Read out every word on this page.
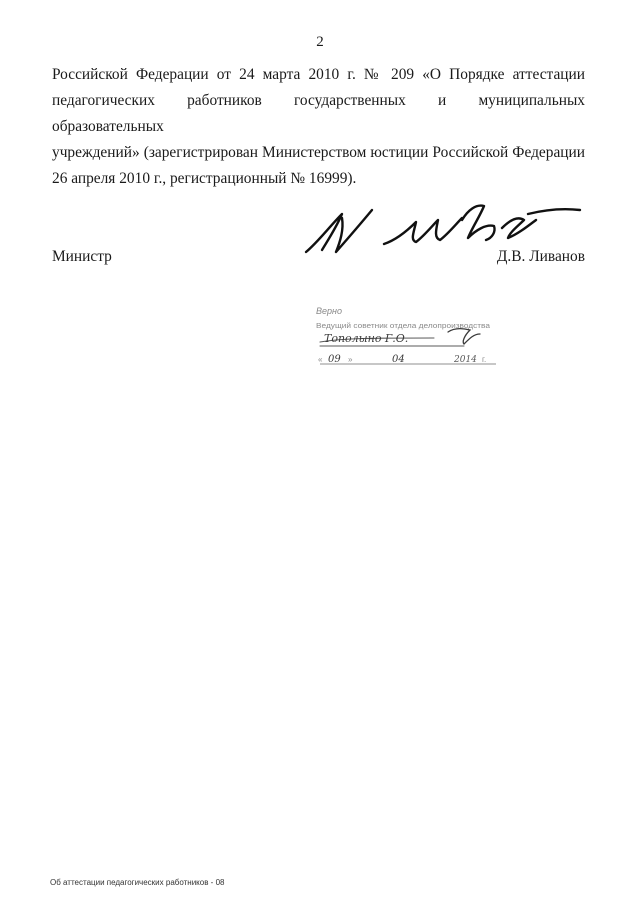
2
Российской Федерации от 24 марта 2010 г. № 209 «О Порядке аттестации
педагогических работников государственных и муниципальных образовательных
учреждений» (зарегистрирован Министерством юстиции Российской Федерации
26 апреля 2010 г., регистрационный № 16999).
Министр	Д.В. Ливанов
Верно
Ведущий советник отдела делопроизводства
Тополыно Г.О.
« 09 »	04	2014 г.
Об аттестации педагогических работников - 08
